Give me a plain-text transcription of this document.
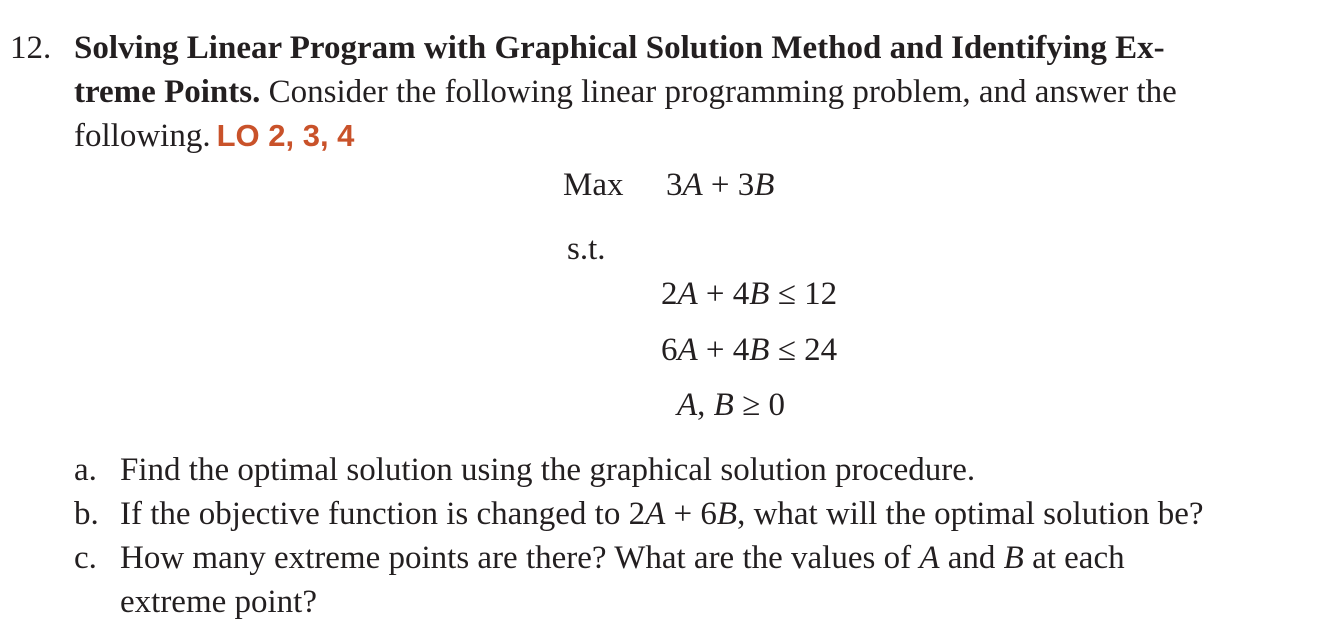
12. Solving Linear Program with Graphical Solution Method and Identifying Ex-
treme Points. Consider the following linear programming problem, and answer the
following. LO 2, 3, 4
Max 3A + 3B
s.t.
2A + 4B ≤ 12
6A + 4B ≤ 24
A, B ≥ 0
a. Find the optimal solution using the graphical solution procedure.
b. If the objective function is changed to 2A + 6B, what will the optimal solution be?
c. How many extreme points are there? What are the values of A and B at each
extreme point?
